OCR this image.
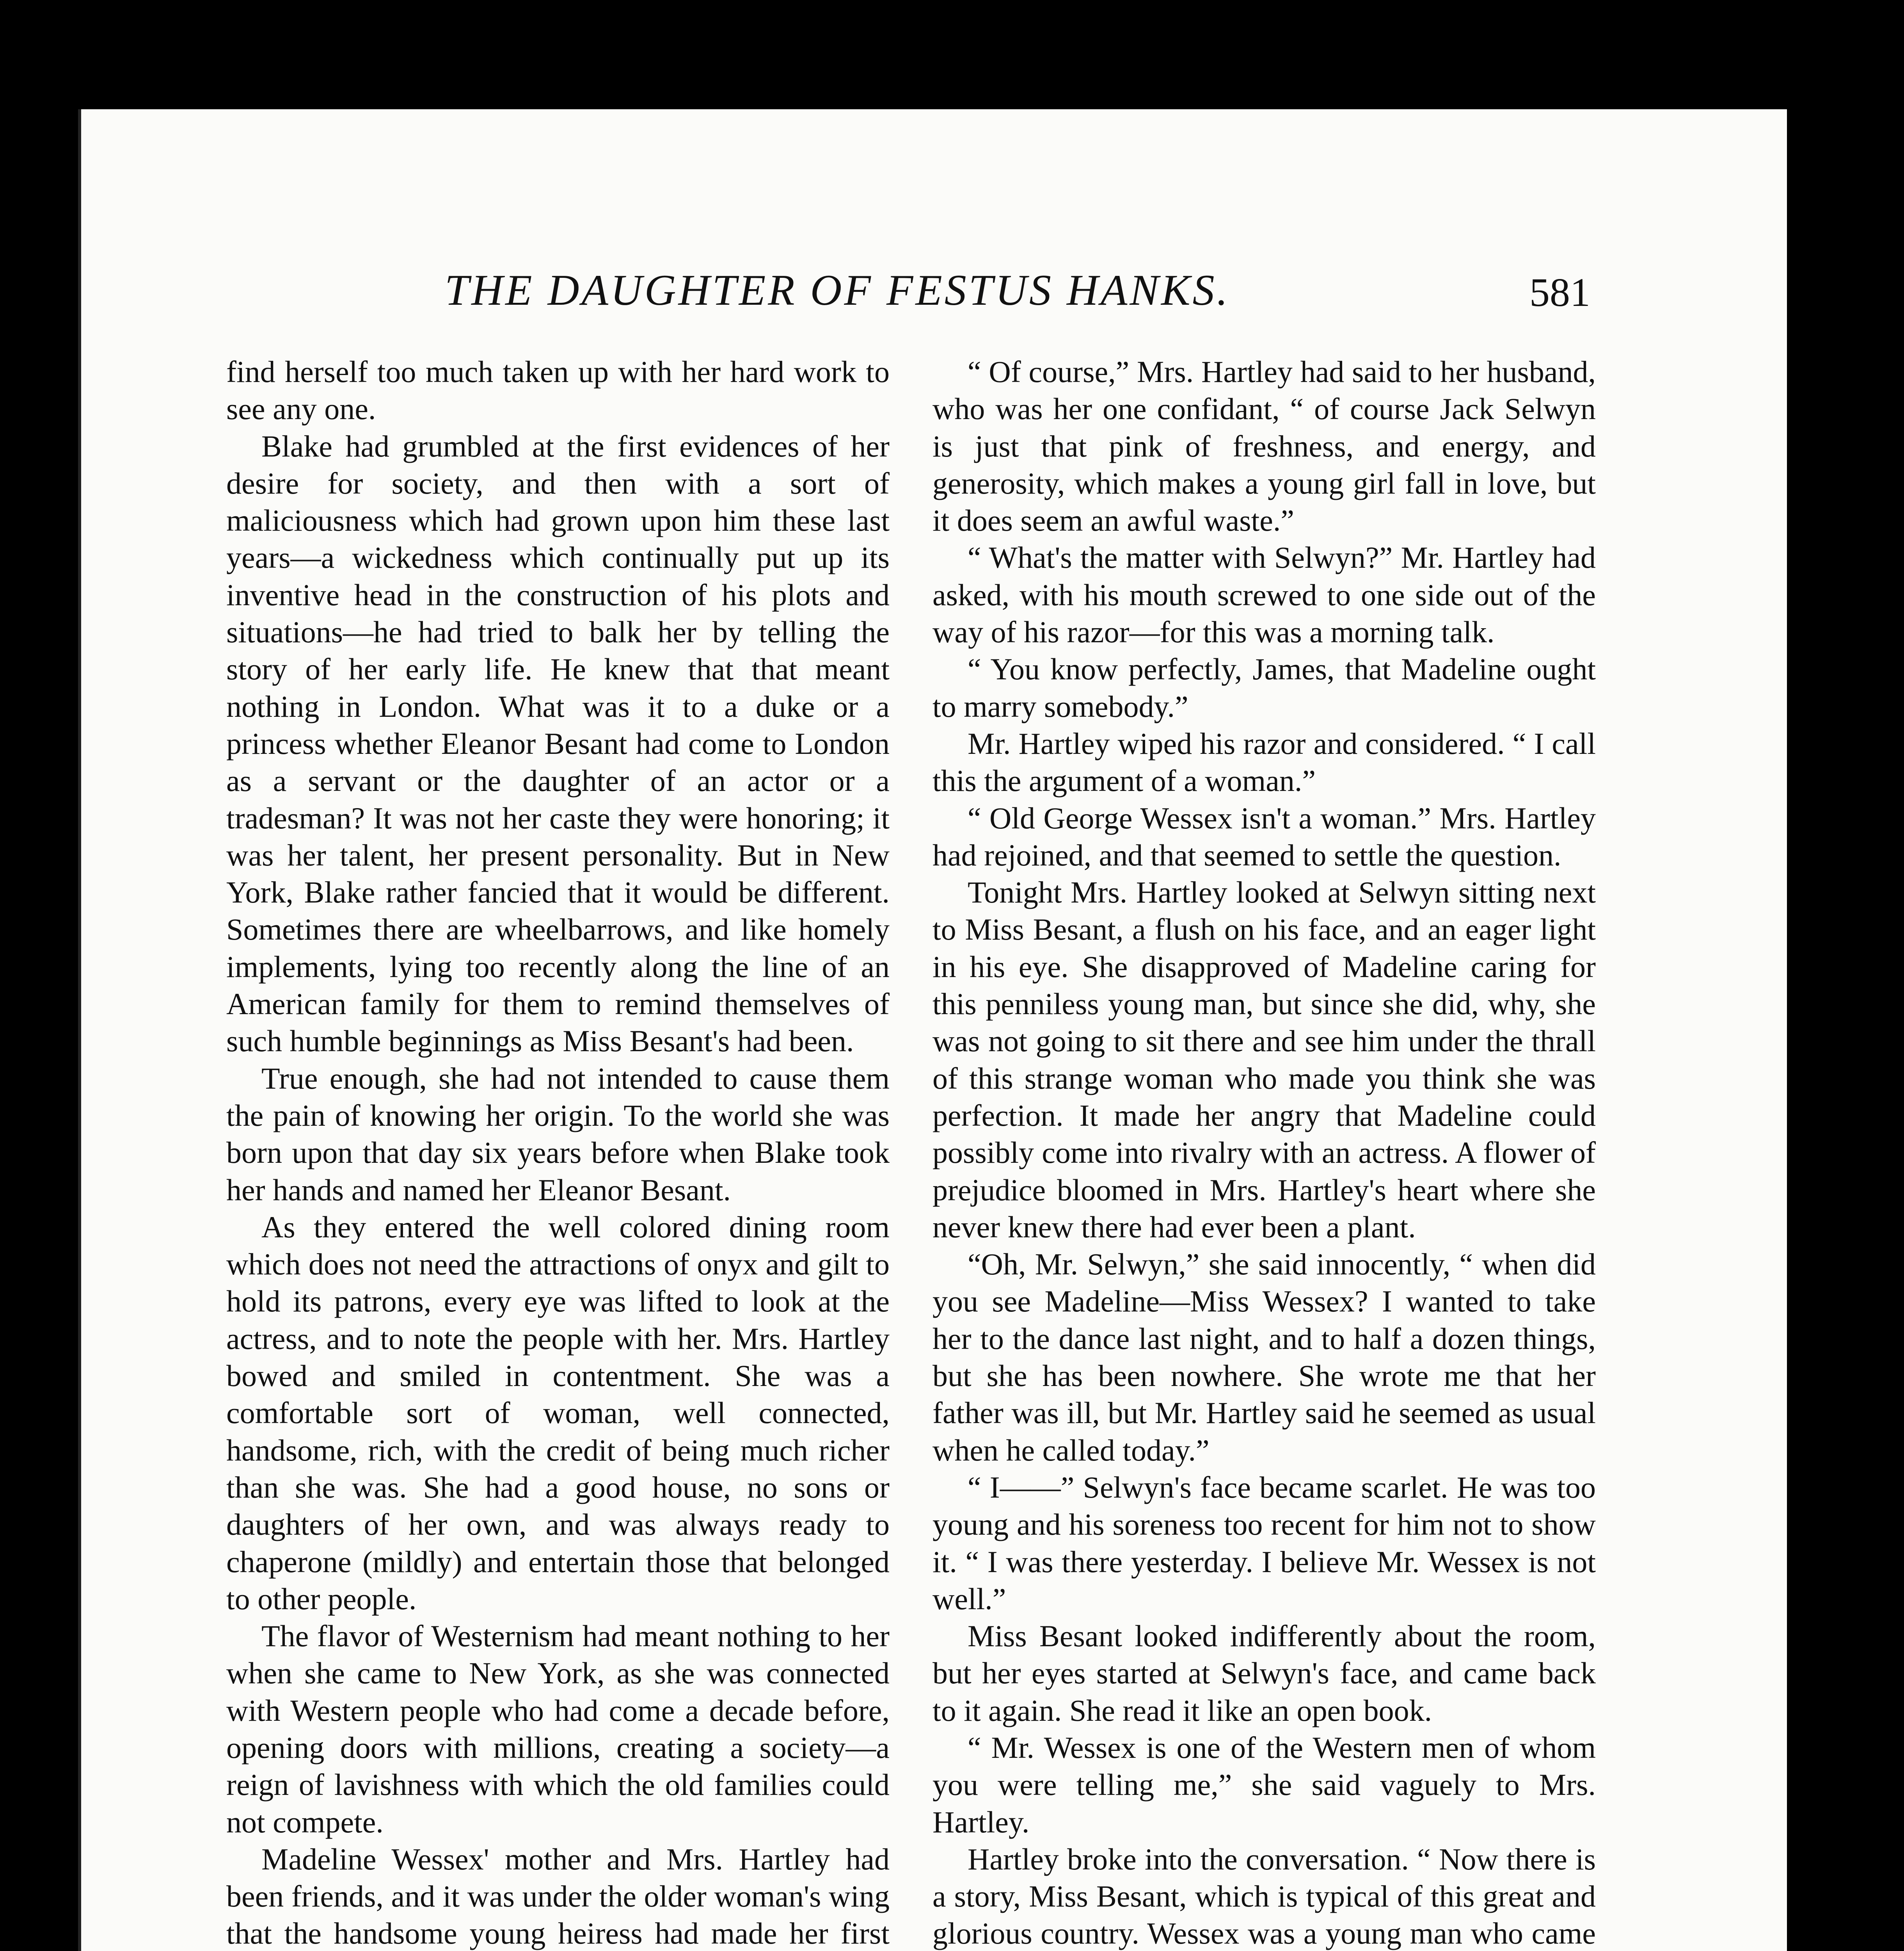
THE DAUGHTER OF FESTUS HANKS.	581

find herself too much taken up with her hard work to see any one.

Blake had grumbled at the first evidences of her desire for society, and then with a sort of maliciousness which had grown upon him these last years—a wickedness which continually put up its inventive head in the construction of his plots and situations—he had tried to balk her by telling the story of her early life. He knew that that meant nothing in London. What was it to a duke or a princess whether Eleanor Besant had come to London as a servant or the daughter of an actor or a tradesman? It was not her caste they were honoring; it was her talent, her present personality. But in New York, Blake rather fancied that it would be different. Sometimes there are wheelbarrows, and like homely implements, lying too recently along the line of an American family for them to remind themselves of such humble beginnings as Miss Besant's had been.

True enough, she had not intended to cause them the pain of knowing her origin. To the world she was born upon that day six years before when Blake took her hands and named her Eleanor Besant.

As they entered the well colored dining room which does not need the attractions of onyx and gilt to hold its patrons, every eye was lifted to look at the actress, and to note the people with her. Mrs. Hartley bowed and smiled in contentment. She was a comfortable sort of woman, well connected, handsome, rich, with the credit of being much richer than she was. She had a good house, no sons or daughters of her own, and was always ready to chaperone (mildly) and entertain those that belonged to other people.

The flavor of Westernism had meant nothing to her when she came to New York, as she was connected with Western people who had come a decade before, opening doors with millions, creating a society—a reign of lavishness with which the old families could not compete.

Madeline Wessex' mother and Mrs. Hartley had been friends, and it was under the older woman's wing that the handsome young heiress had made her first

“ Of course,” Mrs. Hartley had said to her husband, who was her one confidant, “ of course Jack Selwyn is just that pink of freshness, and energy, and generosity, which makes a young girl fall in love, but it does seem an awful waste.”

“ What's the matter with Selwyn?” Mr. Hartley had asked, with his mouth screwed to one side out of the way of his razor—for this was a morning talk.

“ You know perfectly, James, that Madeline ought to marry somebody.”

Mr. Hartley wiped his razor and considered. “ I call this the argument of a woman.”

“ Old George Wessex isn't a woman.” Mrs. Hartley had rejoined, and that seemed to settle the question.

Tonight Mrs. Hartley looked at Selwyn sitting next to Miss Besant, a flush on his face, and an eager light in his eye. She disapproved of Madeline caring for this penniless young man, but since she did, why, she was not going to sit there and see him under the thrall of this strange woman who made you think she was perfection. It made her angry that Madeline could possibly come into rivalry with an actress. A flower of prejudice bloomed in Mrs. Hartley's heart where she never knew there had ever been a plant.

“Oh, Mr. Selwyn,” she said innocently, “ when did you see Madeline—Miss Wessex? I wanted to take her to the dance last night, and to half a dozen things, but she has been nowhere. She wrote me that her father was ill, but Mr. Hartley said he seemed as usual when he called today.”

“ I——” Selwyn's face became scarlet. He was too young and his soreness too recent for him not to show it. “ I was there yesterday. I believe Mr. Wessex is not well.”

Miss Besant looked indifferently about the room, but her eyes started at Selwyn's face, and came back to it again. She read it like an open book.

“ Mr. Wessex is one of the Western men of whom you were telling me,” she said vaguely to Mrs. Hartley.

Hartley broke into the conversation. “ Now there is a story, Miss Besant, which is typical of this great and glorious country. Wessex was a young man who came
